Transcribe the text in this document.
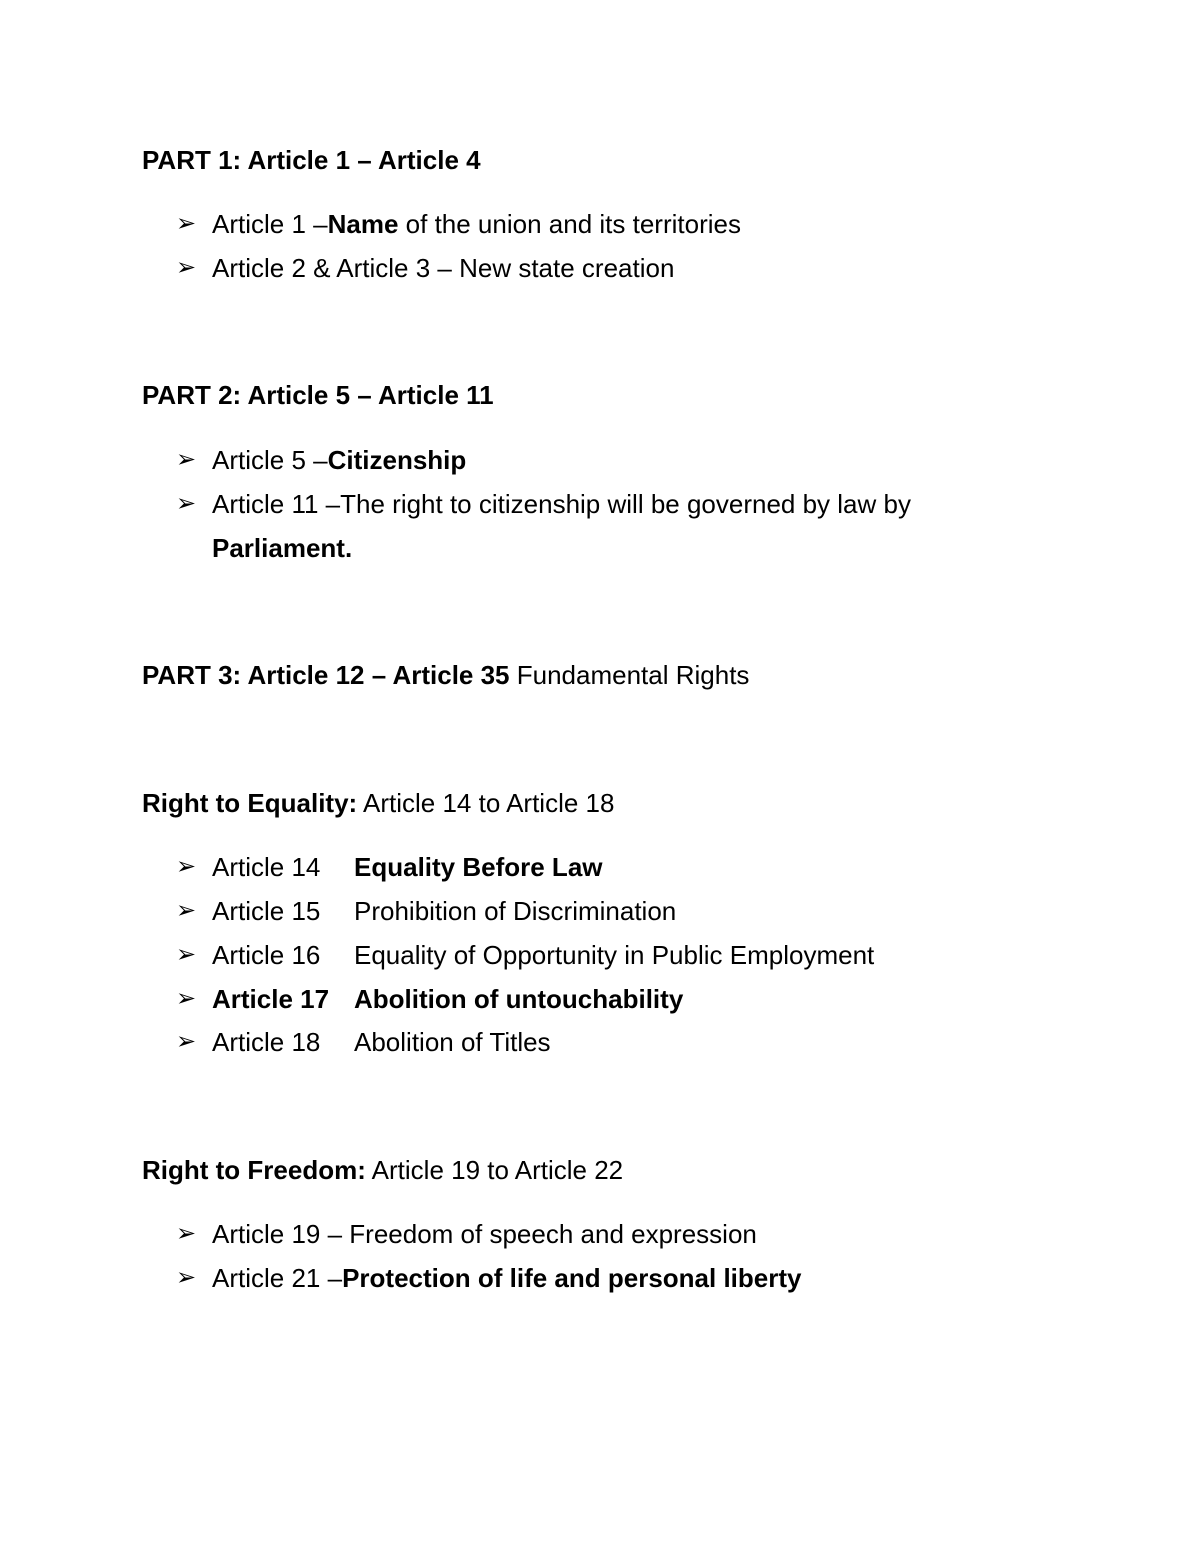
PART 1: Article 1 – Article 4
➢ Article 1 –Name of the union and its territories
➢ Article 2 & Article 3 – New state creation
PART 2: Article 5 – Article 11
➢ Article 5 –Citizenship
➢ Article 11 –The right to citizenship will be governed by law by
Parliament.
PART 3: Article 12 – Article 35 Fundamental Rights
Right to Equality: Article 14 to Article 18
➢ Article 14 Equality Before Law
➢ Article 15 Prohibition of Discrimination
➢ Article 16 Equality of Opportunity in Public Employment
➢ Article 17 Abolition of untouchability
➢ Article 18 Abolition of Titles
Right to Freedom: Article 19 to Article 22
➢ Article 19 – Freedom of speech and expression
➢ Article 21 –Protection of life and personal liberty
